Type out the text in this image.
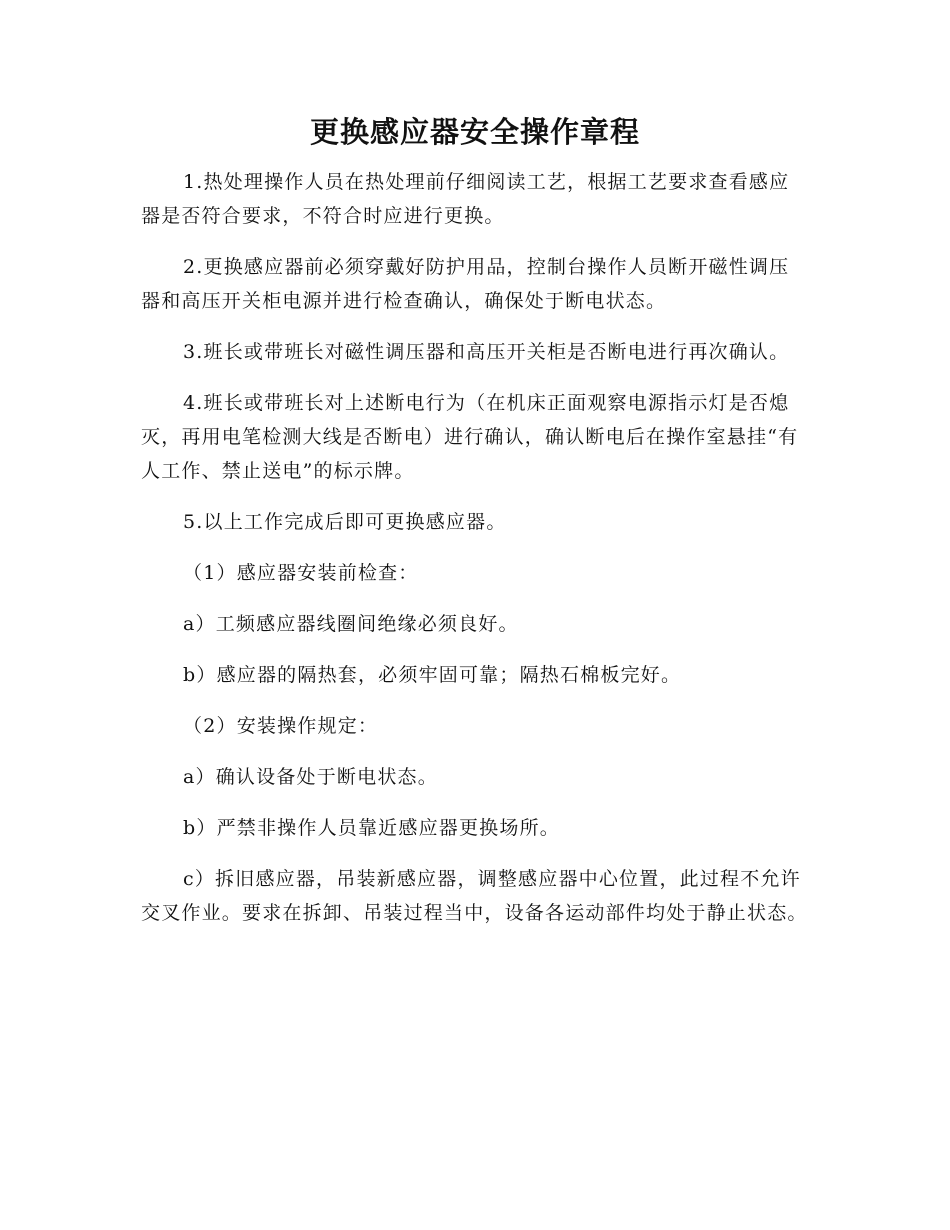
更换感应器安全操作章程

1.热处理操作人员在热处理前仔细阅读工艺，根据工艺要求查看感应器是否符合要求，不符合时应进行更换。

2.更换感应器前必须穿戴好防护用品，控制台操作人员断开磁性调压器和高压开关柜电源并进行检查确认，确保处于断电状态。

3.班长或带班长对磁性调压器和高压开关柜是否断电进行再次确认。

4.班长或带班长对上述断电行为（在机床正面观察电源指示灯是否熄灭，再用电笔检测大线是否断电）进行确认，确认断电后在操作室悬挂“有人工作、禁止送电”的标示牌。

5.以上工作完成后即可更换感应器。

（1）感应器安装前检查：

a）工频感应器线圈间绝缘必须良好。

b）感应器的隔热套，必须牢固可靠；隔热石棉板完好。

（2）安装操作规定：

a）确认设备处于断电状态。

b）严禁非操作人员靠近感应器更换场所。

c）拆旧感应器，吊装新感应器，调整感应器中心位置，此过程不允许交叉作业。要求在拆卸、吊装过程当中，设备各运动部件均处于静止状态。
